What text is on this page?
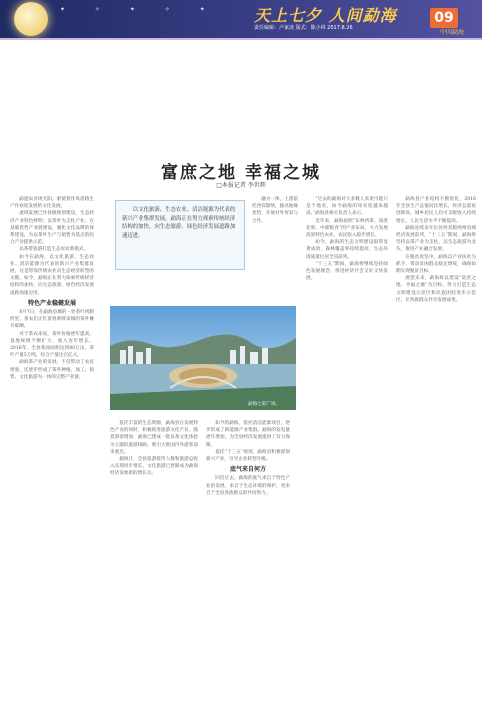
✦ ✧ ✦ ✧ ✦ 天上七夕 人间勐海
责任编辑：卢家凌 版式：陈小林 2017.8.26
09
中国勐海
富庶之地 幸福之城
□本报记者 李世辉

勐遮农业现光阳，驱使着作风道路生产作欢迎发展的文化发展。

流域发展已作县级规划建设，生态经济产业特色鲜明；以茶叶为支柱产业、在基础优势产业链建设，强化文化品牌的体系建设，为以茶叶生产与销售为基点的综合产业提供示范。

以茶带旅游打造生态农业新模式，

如今在勐海，以文化旅游、生态农业、清洁能源为代表的新兴产业集群发展，这是带领传统农业向生态经济转型的关键。如今，勐海正在努力探索传统经济结构的加快，向生态旅游、绿色经济发展道路加速迈进。

特色产业稳健发展

8月7日，在勐海县城的一处茶叶初制所里，茶农们正忙着将新鲜采摘的茶叶摊开晾晒。

对于茶农来说，茶叶价格逐年提高、基地规模不断扩大，收入连年增长。2016年，全县茶园面积达到80万亩，茶叶产量5万吨，综合产值达百亿元。

勐海茶产业的发展，不仅带动了农民增收，还逐步形成了茶叶种植、加工、销售、文化旅游为一体的完整产业链。

以文化旅游、生态农业、清洁能源为代表的新兴产业集群发展，勐海正在努力探索传统经济结构的加快，向生态旅游、绿色经济发展道路加速迈进。

融为一体，上游依托西双版纳，独具地缘优势，开展对外贸易与合作。

勐海七彩广场。

依托丰富的生态资源，勐海县在发展特色产业的同时，积极推进旅游文化产业。随着游客增加，勐海已建成一批以茶文化体验为主题的旅游线路，吸引大批国内外游客前来观光。

据统计，全县旅游接待人数和旅游总收入实现同步增长，文化旅游已逐渐成为勐海经济发展新的增长点。

如今的勐海，依托清洁能源项目，逐步形成了新能源产业集群。勐海的发电量逐年增加，为全县经济发展提供了有力保障。

依托“十三五”规划，勐海县积极谋划新兴产业，引导企业转型升级。

底气来自何方

回首过去，勐海的底气来自于特色产业的发展，来自于生态环境的保护，更来自于全县各族群众的共同努力。

“过去的勐海对大多数人来说可能只是个地名，如今勐海的知名度越来越高。”勐海县相关负责人表示。

近年来，勐海按照“东林西茶、南蔗北果、中部粮食”的产业布局，大力发展高原特色农业，农民收入稳步增长。

如今，勐海的生态文明建设取得显著成效，森林覆盖率持续提高，生态环境质量位居全省前列。

“十三五”期间，勐海将继续坚持绿色发展理念，推进经济社会又好又快发展。

勐海县产业结构不断优化，2016年全县生产总值同比增长，经济总量再创新高。城乡居民人均可支配收入持续增长，人民生活水平不断提高。

勐海连续多年位居西双版纳州县域经济发展前列，“十三五”期间，勐海将坚持以茶产业为支柱，以生态旅游为龙头，推进产业融合发展。

在脱贫攻坚中，勐海以产业扶贫为抓手，带动贫困群众稳定增收，确保如期实现脱贫目标。

展望未来，勐海将以建设“富庶之地、幸福之城”为目标，努力打造生态文明建设示范区和民族团结进步示范区，让各族群众共享发展成果。
